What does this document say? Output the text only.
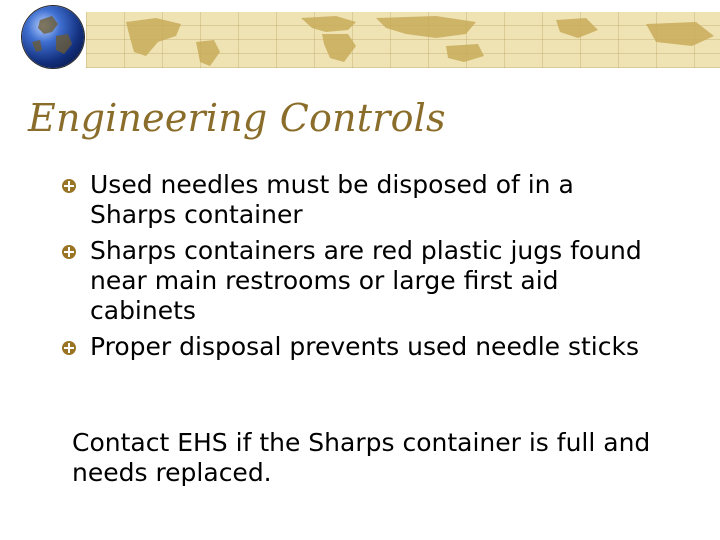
Engineering Controls
Used needles must be disposed of in a Sharps container
Sharps containers are red plastic jugs found near main restrooms or large first aid cabinets
Proper disposal prevents used needle sticks

Contact EHS if the Sharps container is full and needs replaced.
